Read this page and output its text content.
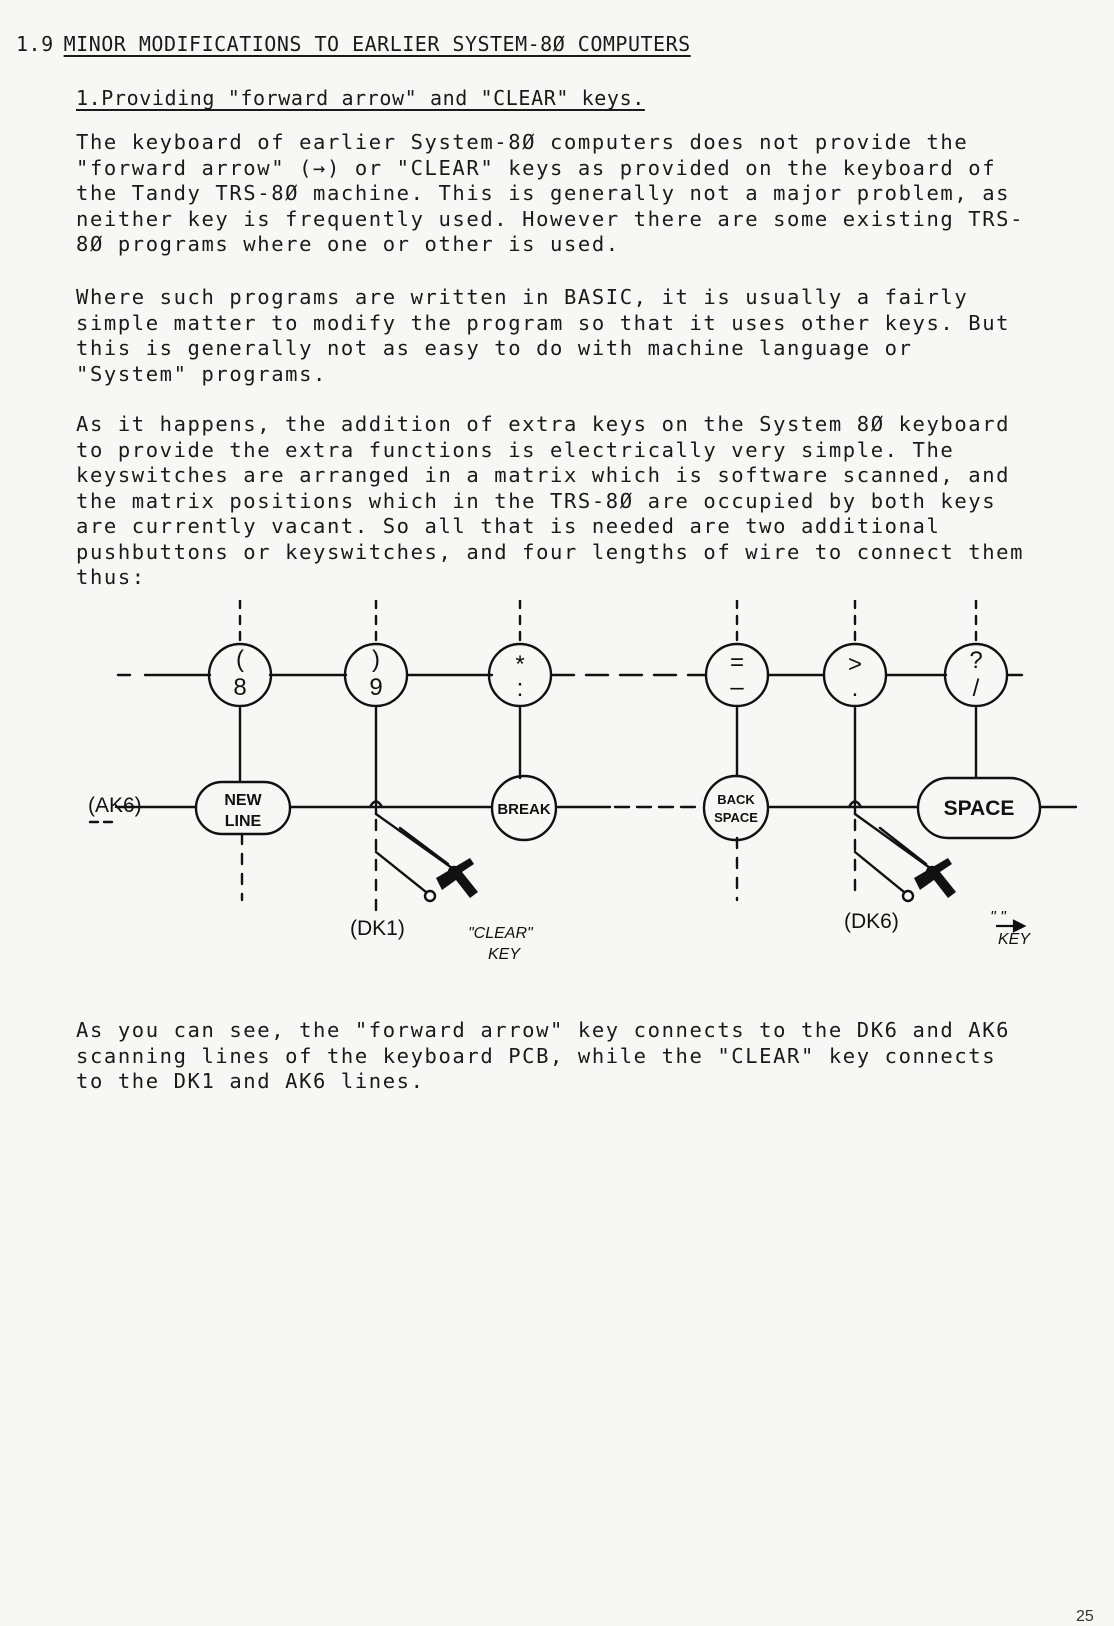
1.9 MINOR MODIFICATIONS TO EARLIER SYSTEM-8Ø COMPUTERS
1.Providing "forward arrow" and "CLEAR" keys.

The keyboard of earlier System-8Ø computers does not provide the "forward arrow" (→) or "CLEAR" keys as provided on the keyboard of the Tandy TRS-8Ø machine. This is generally not a major problem, as neither key is frequently used. However there are some existing TRS-8Ø programs where one or other is used.

Where such programs are written in BASIC, it is usually a fairly simple matter to modify the program so that it uses other keys. But this is generally not as easy to do with machine language or "System" programs.

As it happens, the addition of extra keys on the System 8Ø keyboard to provide the extra functions is electrically very simple. The keyswitches are arranged in a matrix which is software scanned, and the matrix positions which in the TRS-8Ø are occupied by both keys are currently vacant. So all that is needed are two additional pushbuttons or keyswitches, and four lengths of wire to connect them thus:

(
8
)
9
*
:
=
–
>
.
?
/
NEW
LINE
BREAK
BACK
SPACE	SPACE
(AK6)
(DK1)	(DK6)
"CLEAR"
KEY
" "
KEY

As you can see, the "forward arrow" key connects to the DK6 and AK6 scanning lines of the keyboard PCB, while the "CLEAR" key connects to the DK1 and AK6 lines.

25
